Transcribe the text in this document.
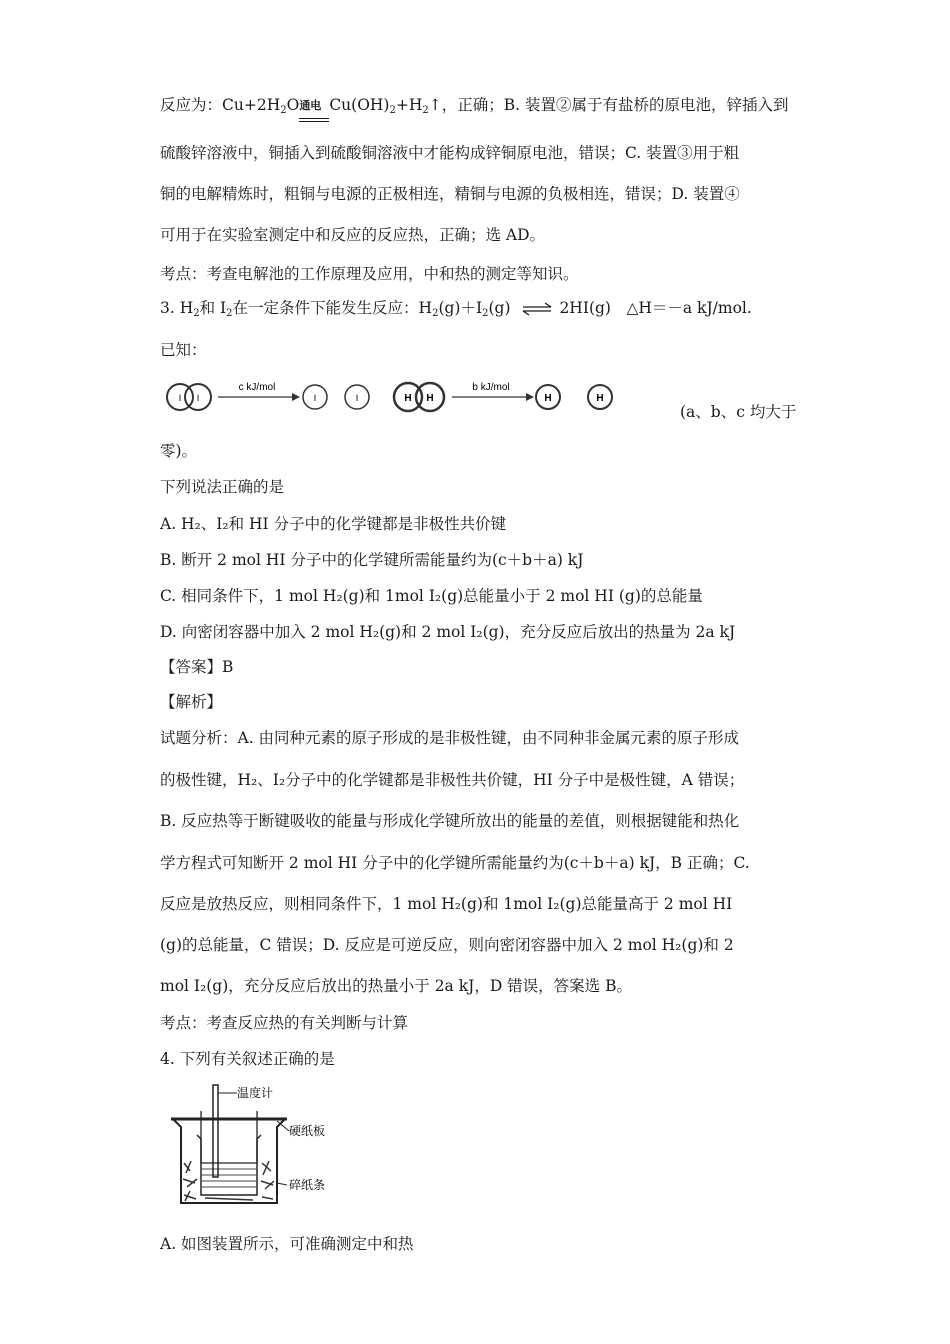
反应为：$Cu+2H_2O$ 通电 $Cu(OH)_2+H_2↑$，正确；B. 装置②属于有盐桥的原电池，锌插入到
硫酸锌溶液中，铜插入到硫酸铜溶液中才能构成锌铜原电池，错误；C. 装置③用于粗
铜的电解精炼时，粗铜与电源的正极相连，精铜与电源的负极相连，错误；D. 装置④
可用于在实验室测定中和反应的反应热，正确；选 AD。
考点：考查电解池的工作原理及应用，中和热的测定等知识。
3. $H_2$和 $I_2$在一定条件下能发生反应：$H_2(g)+I_2(g)$ ⇌ 2HI(g)　△H＝－a kJ/mol.
已知：
I I
c kJ/mol
I	I	H H
b kJ/mol
H	H
(a、b、c 均大于
零)。
下列说法正确的是
A. H₂、I₂和 HI 分子中的化学键都是非极性共价键
B. 断开 2 mol HI 分子中的化学键所需能量约为(c＋b＋a) kJ
C. 相同条件下，1 mol H₂(g)和 1mol I₂(g)总能量小于 2 mol HI (g)的总能量
D. 向密闭容器中加入 2 mol H₂(g)和 2 mol I₂(g)，充分反应后放出的热量为 2a kJ
【答案】B
【解析】
试题分析：A. 由同种元素的原子形成的是非极性键，由不同种非金属元素的原子形成
的极性键，H₂、I₂分子中的化学键都是非极性共价键，HI 分子中是极性键，A 错误；
B. 反应热等于断键吸收的能量与形成化学键所放出的能量的差值，则根据键能和热化
学方程式可知断开 2 mol HI 分子中的化学键所需能量约为(c＋b＋a) kJ，B 正确；C.
反应是放热反应，则相同条件下，1 mol H₂(g)和 1mol I₂(g)总能量高于 2 mol HI
(g)的总能量，C 错误；D. 反应是可逆反应，则向密闭容器中加入 2 mol H₂(g)和 2
mol I₂(g)，充分反应后放出的热量小于 2a kJ，D 错误，答案选 B。
考点：考查反应热的有关判断与计算
4. 下列有关叙述正确的是
温度计
硬纸板
碎纸条
A. 如图装置所示，可准确测定中和热
